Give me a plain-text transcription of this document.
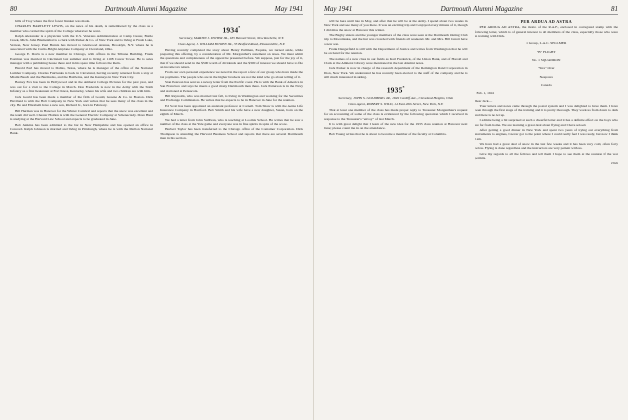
80	Dartmouth Alumni Magazine	May 1941

hills of Troy where the first forest blanket was made.

CHARLES BARTLETT LEWIS, on the news of his death, is remembered by the class as a member who carried the spirit of the College wherever he went.

Ralph Alexander is a physician with the U.S. Veterans Administration at Camp Custer, Battle Creek, Mich. John Blumenthal is a clerk with Parker & Co. of New York and is living at Fresh Lake, Vernon, New Jersey. Paul Burnis has moved to Glenwood Avenue, Brooklyn, N.Y. where he is associated with the Curtis-Bright Airplane Company at Cleveland, Ohio.

George E. Davis is a new member in Chicago, with offices in the Tribune Building. Frank Eastman was married in Cincinnati last summer and is living at 1108 Carew Tower. He is sales manager with a publishing house there and in his spare time follows the Reds.

Harold Earl has moved to Dallas, Texas, where he is manager of the office of the National Lumber Company. Charles Fairbanks is back in Cleveland, having recently returned from a stay at Miami Beach and the Bermudas, and the Baldwins, and the Kenneys in New York City.

Barney Fox has been in Hollywood and in the Amherst College Pictures for the past year, and was out for a visit to the College in March. Don Frederick is now in the Army with the Sixth Infantry as a first lieutenant at Fort Knox, Kentucky, where his wife and two children are with him.

Jack Gould has been made a member of the firm of Gould, Greene & Co. in Boston. Dick Haviland is with the Holt Company in New York and writes that he sees many of the class in the city. He and Elizabeth have a new son, Richard Jr., born in February.

Bill Herman was in Hanover for the Winter Carnival and reports that the snow was excellent and the team did well. Chester Holden is with the General Electric Company at Schenectady. Dave Hunt is studying at the Harvard Law School and expects to be graduated in June.

Bob Jenkins has been admitted to the bar in New Hampshire and has opened an office in Concord. Ralph Johnson is married and living in Pittsburgh, where he is with the Mellon National Bank.

1934*
Secretary, MARTIN J. DWYER JR., 185 Bennett Street, New Rochelle, N.Y.
Class Agent, J. WILLIAM BOWEN JR., 35 Bedford Road, Pleasantville, N.Y.

Having recently completed the story about Henry Pullman, Esquire, we turned aside, while preparing this offering, by a consideration of Mr. Morganthal's statement on taxes. We must admit the questions and completeness of the appeal he presented before. We suppose, just for the joy of it, that if we should send in the $500 worth of dividends and the $300 of interest we should have to file an income tax return.

From our own personal experience we noted in the report a few of our group who have made the tax payments. The people who are in the higher brackets are not the kind who go about telling of it.

Stan Pearson has sent us a newsy letter from the Pacific coast. He is with the Bank of America in San Francisco and says he meets a good many Dartmouth men there. Jack Patterson is in the Navy and stationed at Pensacola.

Bill Reynolds, who was married last fall, is living in Washington and working for the Securities and Exchange Commission. He writes that he expects to be in Hanover in June for the reunion.

Ed Scott has been appointed an assistant professor at Cornell. Tom Shaw is with the Aetna Life Insurance Company in Hartford. Bob Smith and his wife have a new daughter, Susan, born on the eighth of March.

We had a letter from John Sullivan, who is teaching at Loomis School. He writes that he saw a number of the class at the Yale game and everyone was in fine spirits in spite of the score.

Herbert Taylor has been transferred to the Chicago office of the Container Corporation. Dick Thompson is attending the Harvard Business School and reports that there are several Dartmouth men in his section.

May 1941	Dartmouth Alumni Magazine	81

will be here until late in May, and after that he will be at the Army. I spend about two weeks in New York and see many of you there. It was an exciting trip and I enjoyed every minute of it, though I did miss the snow at Hanover this winter.

The Bagby sisters and the younger members of the class were seen at the Dartmouth Outing Club trip to Moosilauke, and the hut was crowded with friends all weekend. Mr. and Mrs. Bill Jarrett have a new son.

Frank Dangerfield is still with the Department of Justice and writes from Washington that he will be on hand for the reunion.

The names of a new class in our fields as Karl Frederick, of the Union Bank, and of Harold and Clark at the Amherst Library were mentioned in the last Alumni notes.

Jack Parker is now in charge of the research department of the Remington Rand Corporation in Ilion, New York. We understand he has recently been elected to the staff of the company and he is still much interested in skiing.

1935*
Secretary, JOHN S. GOLDBERG JR., 1849 Cardiff Ave., Cleveland Heights, Ohio
Class Agent, ROBERT S. WILD, 14 East 26th Street, New York, N.Y.

That at least one member of the class has made proper reply to Treasurer Morgenthau's request for an accounting of some of the class is evidenced by the following quotation which I received in response to the Treasurer's "envoy" of last March.

It is with great delight that I learn of the new idea for the 1935 class reunion at Hanover next June; please count me in on the attendance.

Bob Young writes that he is about to become a member of the faculty at Columbia.

PER ARDUA AD ASTRA

PER ARDUA AD ASTRA, the motto of the R.A.F., enclosed in corrugated stamp with the following letter, which is of general interest to all members of the class, especially those who were in training with Dick.

1 Group, L.A.C. SELLMER
"B" FLIGHT
No. 1 SQUADRON
"Stra" Over
Neepawa
Canada
Feb. 1, 1941

Dear Jack—

Your letters and notes came through the postal system and I was delighted to have them. I have been through the first stage of the training and it is pretty thorough. They work us from dawn to dark and there is no let up.

I admire being a bit surprised at such a cheerful letter and it has a definite effect on the boys who are far from home. We are learning a great deal about flying and I have soloed.

After getting a good dinner in New York and spent two years of trying out everything from instruments to engines, I never got to the point where I could really feel I was ready, but now I think I am.

We have had a great deal of snow in the last few weeks and it has been very cold, often forty below. Flying is done regardless and the instructors are very patient with us.

Give my regards to all the fellows and tell them I hope to see them at the reunion if the war permits.

Dick
